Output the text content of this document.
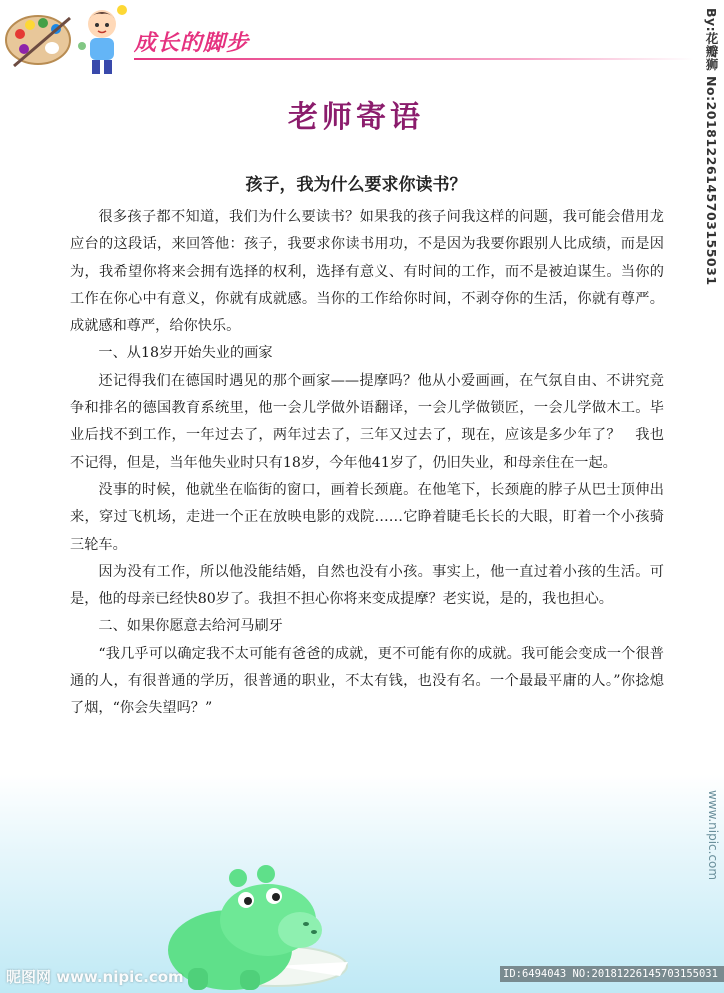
成长的脚步
老师寄语
孩子，我为什么要求你读书？

很多孩子都不知道，我们为什么要读书？如果我的孩子问我这样的问题，我可能会借用龙应台的这段话，来回答他：孩子，我要求你读书用功，不是因为我要你跟别人比成绩，而是因为，我希望你将来会拥有选择的权利，选择有意义、有时间的工作，而不是被迫谋生。当你的工作在你心中有意义，你就有成就感。当你的工作给你时间，不剥夺你的生活，你就有尊严。成就感和尊严，给你快乐。

一、从18岁开始失业的画家

还记得我们在德国时遇见的那个画家——提摩吗？他从小爱画画，在气氛自由、不讲究竞争和排名的德国教育系统里，他一会儿学做外语翻译，一会儿学做锁匠，一会儿学做木工。毕业后找不到工作，一年过去了，两年过去了，三年又过去了，现在，应该是多少年了？　我也不记得，但是，当年他失业时只有18岁，今年他41岁了，仍旧失业，和母亲住在一起。

没事的时候，他就坐在临街的窗口，画着长颈鹿。在他笔下，长颈鹿的脖子从巴士顶伸出来，穿过飞机场，走进一个正在放映电影的戏院……它睁着睫毛长长的大眼，盯着一个小孩骑三轮车。

因为没有工作，所以他没能结婚，自然也没有小孩。事实上，他一直过着小孩的生活。可是，他的母亲已经快80岁了。我担不担心你将来变成提摩？老实说，是的，我也担心。

二、如果你愿意去给河马刷牙

“我几乎可以确定我不太可能有爸爸的成就，更不可能有你的成就。我可能会变成一个很普通的人，有很普通的学历，很普通的职业，不太有钱，也没有名。一个最最平庸的人。”你捻熄了烟，“你会失望吗？”

By:花瓣狮 No:20181226145703155031
www.nipic.com
昵图网 www.nipic.com	ID:6494043 NO:20181226145703155031
